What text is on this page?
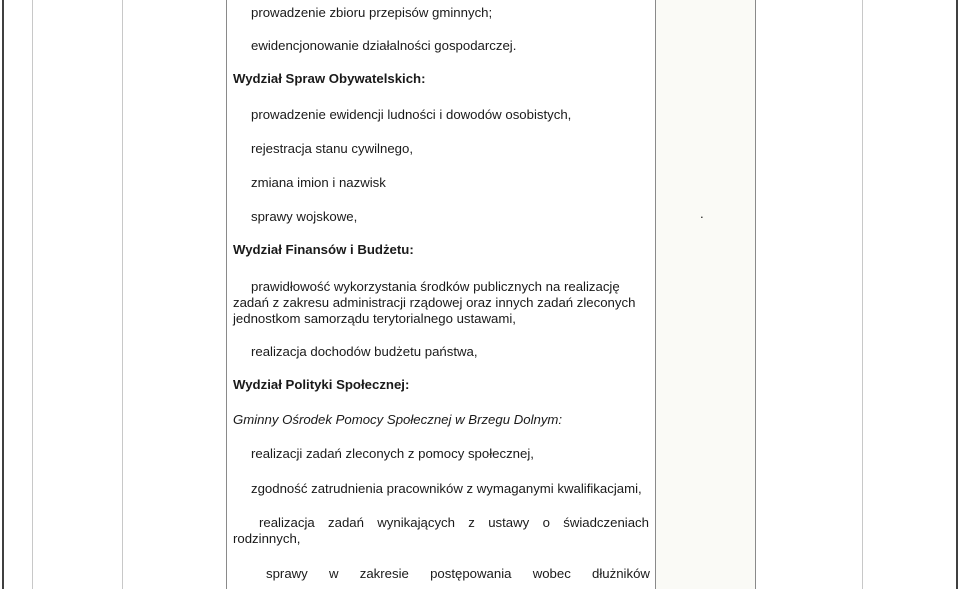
prowadzenie zbioru przepisów gminnych;
ewidencjonowanie działalności gospodarczej.
Wydział Spraw Obywatelskich:
prowadzenie ewidencji ludności i dowodów osobistych,
rejestracja stanu cywilnego,
zmiana imion i nazwisk
sprawy wojskowe,	.
Wydział Finansów i Budżetu:
prawidłowość wykorzystania środków publicznych na realizację
zadań z zakresu administracji rządowej oraz innych zadań zleconych
jednostkom samorządu terytorialnego ustawami,
realizacja dochodów budżetu państwa,
Wydział Polityki Społecznej:
Gminny Ośrodek Pomocy Społecznej w Brzegu Dolnym:
realizacji zadań zleconych z pomocy społecznej,
zgodność zatrudnienia pracowników z wymaganymi kwalifikacjami,
realizacja zadań wynikających z ustawy o świadczeniach
rodzinnych,
sprawy w zakresie postępowania wobec dłużników
